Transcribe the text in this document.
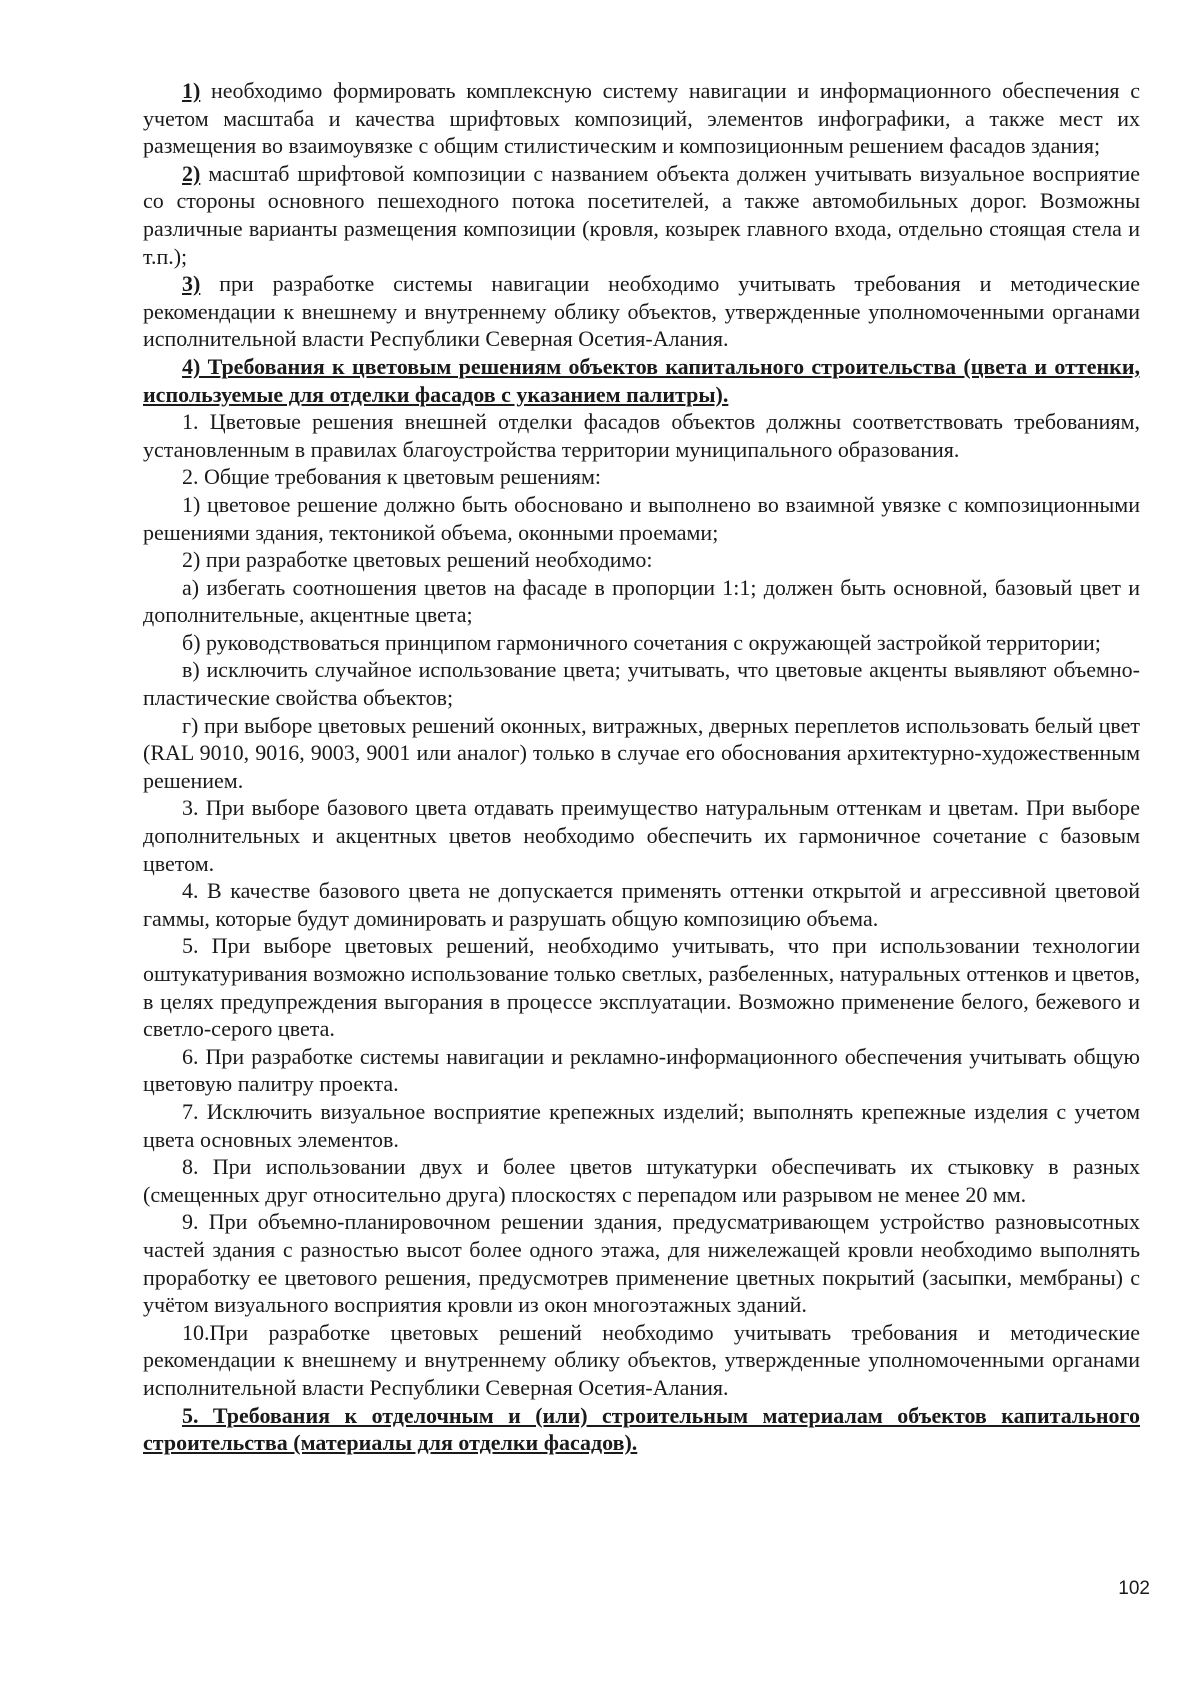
1) необходимо формировать комплексную систему навигации и информационного обеспечения с учетом масштаба и качества шрифтовых композиций, элементов инфографики, а также мест их размещения во взаимоувязке с общим стилистическим и композиционным решением фасадов здания;

2) масштаб шрифтовой композиции с названием объекта должен учитывать визуальное восприятие со стороны основного пешеходного потока посетителей, а также автомобильных дорог. Возможны различные варианты размещения композиции (кровля, козырек главного входа, отдельно стоящая стела и т.п.);

3) при разработке системы навигации необходимо учитывать требования и методические рекомендации к внешнему и внутреннему облику объектов, утвержденные уполномоченными органами исполнительной власти Республики Северная Осетия-Алания.

4) Требования к цветовым решениям объектов капитального строительства (цвета и оттенки, используемые для отделки фасадов с указанием палитры).

1. Цветовые решения внешней отделки фасадов объектов должны соответствовать требованиям, установленным в правилах благоустройства территории муниципального образования.

2. Общие требования к цветовым решениям:

1) цветовое решение должно быть обосновано и выполнено во взаимной увязке с композиционными решениями здания, тектоникой объема, оконными проемами;

2) при разработке цветовых решений необходимо:

а) избегать соотношения цветов на фасаде в пропорции 1:1; должен быть основной, базовый цвет и дополнительные, акцентные цвета;

б) руководствоваться принципом гармоничного сочетания с окружающей застройкой территории;

в) исключить случайное использование цвета; учитывать, что цветовые акценты выявляют объемно-пластические свойства объектов;

г) при выборе цветовых решений оконных, витражных, дверных переплетов использовать белый цвет (RAL 9010, 9016, 9003, 9001 или аналог) только в случае его обоснования архитектурно-художественным решением.

3. При выборе базового цвета отдавать преимущество натуральным оттенкам и цветам. При выборе дополнительных и акцентных цветов необходимо обеспечить их гармоничное сочетание с базовым цветом.

4. В качестве базового цвета не допускается применять оттенки открытой и агрессивной цветовой гаммы, которые будут доминировать и разрушать общую композицию объема.

5. При выборе цветовых решений, необходимо учитывать, что при использовании технологии оштукатуривания возможно использование только светлых, разбеленных, натуральных оттенков и цветов, в целях предупреждения выгорания в процессе эксплуатации. Возможно применение белого, бежевого и светло-серого цвета.

6. При разработке системы навигации и рекламно-информационного обеспечения учитывать общую цветовую палитру проекта.

7. Исключить визуальное восприятие крепежных изделий; выполнять крепежные изделия с учетом цвета основных элементов.

8. При использовании двух и более цветов штукатурки обеспечивать их стыковку в разных (смещенных друг относительно друга) плоскостях с перепадом или разрывом не менее 20 мм.

9. При объемно-планировочном решении здания, предусматривающем устройство разновысотных частей здания с разностью высот более одного этажа, для нижележащей кровли необходимо выполнять проработку ее цветового решения, предусмотрев применение цветных покрытий (засыпки, мембраны) с учётом визуального восприятия кровли из окон многоэтажных зданий.

10.При разработке цветовых решений необходимо учитывать требования и методические рекомендации к внешнему и внутреннему облику объектов, утвержденные уполномоченными органами исполнительной власти Республики Северная Осетия-Алания.

5. Требования к отделочным и (или) строительным материалам объектов капитального строительства (материалы для отделки фасадов).

102
